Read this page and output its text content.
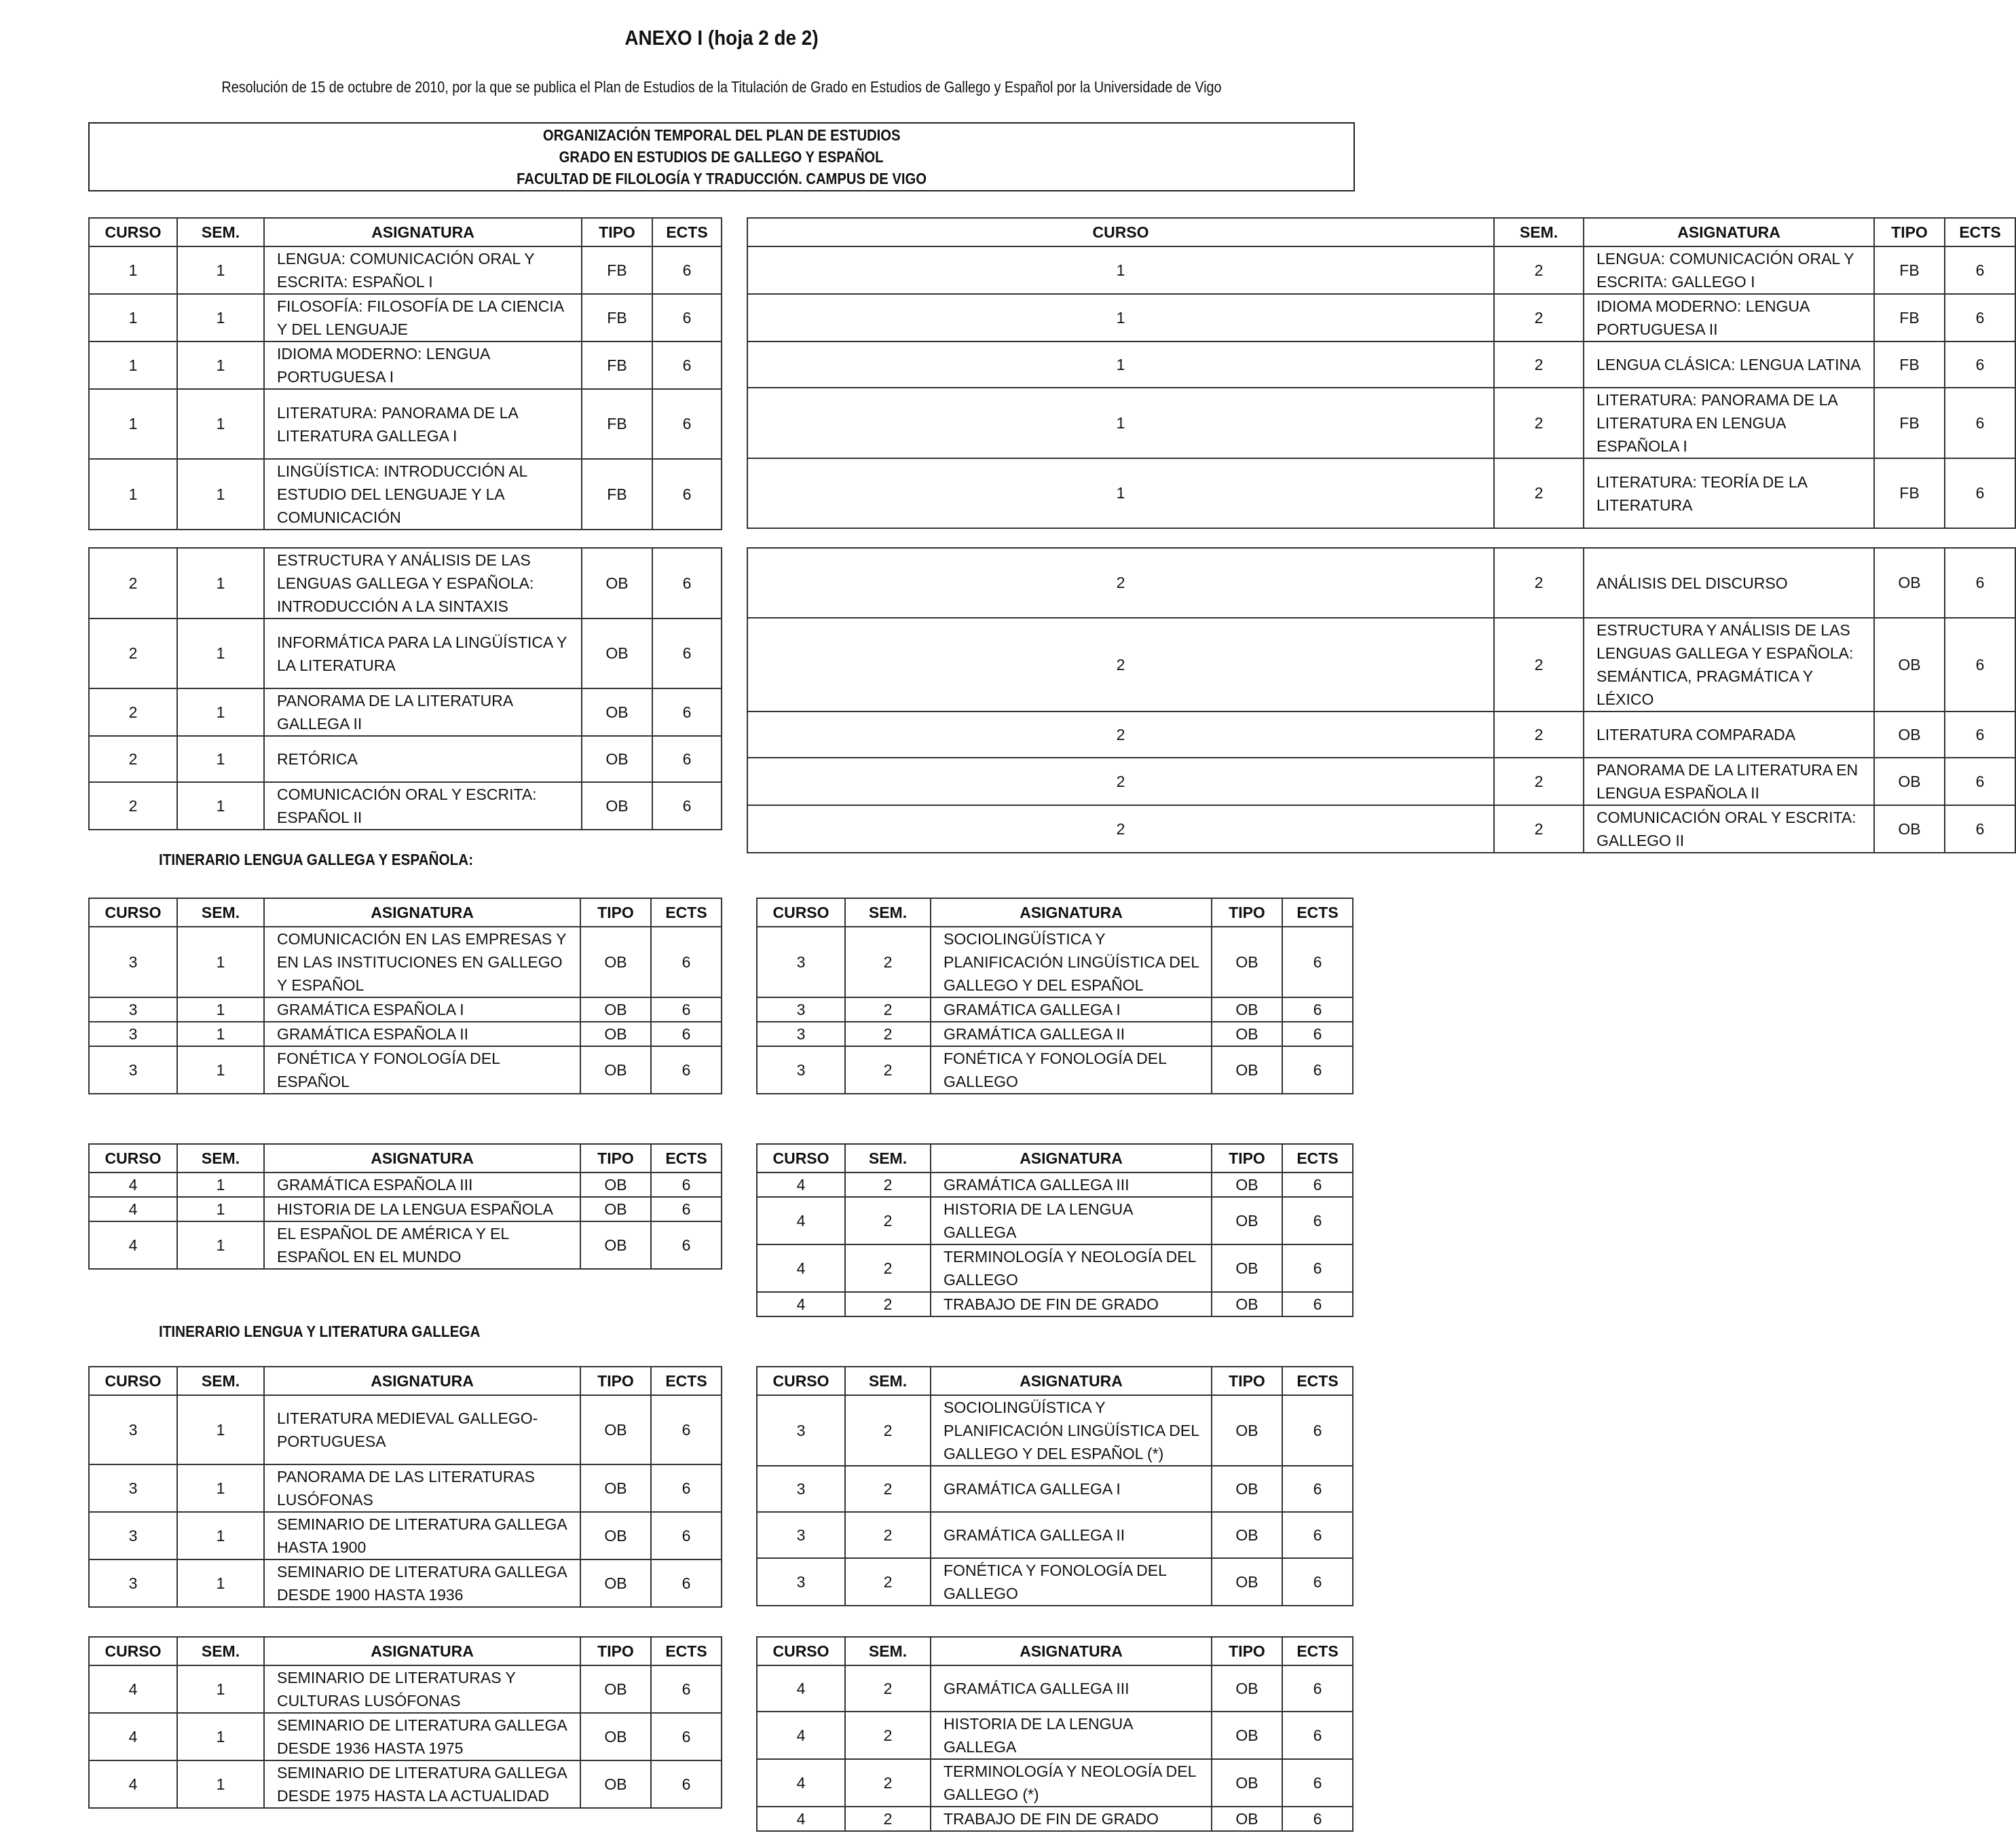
ANEXO I (hoja 2 de 2)
Resolución de 15 de octubre de 2010, por la que se publica el Plan de Estudios de la Titulación de Grado en Estudios de Gallego y Español por la Universidade de Vigo
ORGANIZACIÓN TEMPORAL DEL PLAN DE ESTUDIOS
GRADO EN ESTUDIOS DE GALLEGO Y ESPAÑOL
FACULTAD DE FILOLOGÍA Y TRADUCCIÓN. CAMPUS DE VIGO
ITINERARIO LENGUA GALLEGA Y ESPAÑOLA:
ITINERARIO LENGUA Y LITERATURA GALLEGA
CURSO	SEM.	ASIGNATURA	TIPO	ECTS
1	1	LENGUA: COMUNICACIÓN ORAL Y ESCRITA: ESPAÑOL I	FB	6
1	1	FILOSOFÍA: FILOSOFÍA DE LA CIENCIA Y DEL LENGUAJE	FB	6
1	1	IDIOMA MODERNO: LENGUA PORTUGUESA I	FB	6
1	1	LITERATURA: PANORAMA DE LA LITERATURA GALLEGA I	FB	6
1	1	LINGÜÍSTICA: INTRODUCCIÓN AL ESTUDIO DEL LENGUAJE Y LA COMUNICACIÓN	FB	6
CURSO	SEM.	ASIGNATURA	TIPO	ECTS
1	2	LENGUA: COMUNICACIÓN ORAL Y ESCRITA: GALLEGO I	FB	6
1	2	IDIOMA MODERNO: LENGUA PORTUGUESA II	FB	6
1	2	LENGUA CLÁSICA: LENGUA LATINA	FB	6
1	2	LITERATURA: PANORAMA DE LA LITERATURA EN LENGUA ESPAÑOLA I	FB	6
1	2	LITERATURA: TEORÍA DE LA LITERATURA	FB	6
2	1	ESTRUCTURA Y ANÁLISIS DE LAS LENGUAS GALLEGA Y ESPAÑOLA: INTRODUCCIÓN A LA SINTAXIS	OB	6
2	1	INFORMÁTICA PARA LA LINGÜÍSTICA Y LA LITERATURA	OB	6
2	1	PANORAMA DE LA LITERATURA GALLEGA II	OB	6
2	1	RETÓRICA	OB	6
2	1	COMUNICACIÓN ORAL Y ESCRITA: ESPAÑOL II	OB	6
2	2	ANÁLISIS DEL DISCURSO	OB	6
2	2	ESTRUCTURA Y ANÁLISIS DE LAS LENGUAS GALLEGA Y ESPAÑOLA: SEMÁNTICA, PRAGMÁTICA Y LÉXICO	OB	6
2	2	LITERATURA COMPARADA	OB	6
2	2	PANORAMA DE LA LITERATURA EN LENGUA ESPAÑOLA II	OB	6
2	2	COMUNICACIÓN ORAL Y ESCRITA: GALLEGO II	OB	6
CURSO	SEM.	ASIGNATURA	TIPO	ECTS
3	1	COMUNICACIÓN EN LAS EMPRESAS Y EN LAS INSTITUCIONES EN GALLEGO Y ESPAÑOL	OB	6
3	1	GRAMÁTICA ESPAÑOLA I	OB	6
3	1	GRAMÁTICA ESPAÑOLA II	OB	6
3	1	FONÉTICA Y FONOLOGÍA DEL ESPAÑOL	OB	6
CURSO	SEM.	ASIGNATURA	TIPO	ECTS
3	2	SOCIOLINGÜÍSTICA Y PLANIFICACIÓN LINGÜÍSTICA DEL GALLEGO Y DEL ESPAÑOL	OB	6
3	2	GRAMÁTICA GALLEGA I	OB	6
3	2	GRAMÁTICA GALLEGA II	OB	6
3	2	FONÉTICA Y FONOLOGÍA DEL GALLEGO	OB	6
CURSO	SEM.	ASIGNATURA	TIPO	ECTS
4	1	GRAMÁTICA ESPAÑOLA III	OB	6
4	1	HISTORIA DE LA LENGUA ESPAÑOLA	OB	6
4	1	EL ESPAÑOL DE AMÉRICA Y EL ESPAÑOL EN EL MUNDO	OB	6
CURSO	SEM.	ASIGNATURA	TIPO	ECTS
4	2	GRAMÁTICA GALLEGA III	OB	6
4	2	HISTORIA DE LA LENGUA GALLEGA	OB	6
4	2	TERMINOLOGÍA Y NEOLOGÍA DEL GALLEGO	OB	6
4	2	TRABAJO DE FIN DE GRADO	OB	6
CURSO	SEM.	ASIGNATURA	TIPO	ECTS
3	1	LITERATURA MEDIEVAL GALLEGO-PORTUGUESA	OB	6
3	1	PANORAMA DE LAS LITERATURAS LUSÓFONAS	OB	6
3	1	SEMINARIO DE LITERATURA GALLEGA HASTA 1900	OB	6
3	1	SEMINARIO DE LITERATURA GALLEGA DESDE 1900 HASTA 1936	OB	6
CURSO	SEM.	ASIGNATURA	TIPO	ECTS
3	2	SOCIOLINGÜÍSTICA Y PLANIFICACIÓN LINGÜÍSTICA DEL GALLEGO Y DEL ESPAÑOL (*)	OB	6
3	2	GRAMÁTICA GALLEGA I	OB	6
3	2	GRAMÁTICA GALLEGA II	OB	6
3	2	FONÉTICA Y FONOLOGÍA DEL GALLEGO	OB	6
CURSO	SEM.	ASIGNATURA	TIPO	ECTS
4	1	SEMINARIO DE LITERATURAS Y CULTURAS LUSÓFONAS	OB	6
4	1	SEMINARIO DE LITERATURA GALLEGA DESDE 1936 HASTA 1975	OB	6
4	1	SEMINARIO DE LITERATURA GALLEGA DESDE 1975 HASTA LA ACTUALIDAD	OB	6
CURSO	SEM.	ASIGNATURA	TIPO	ECTS
4	2	GRAMÁTICA GALLEGA III	OB	6
4	2	HISTORIA DE LA LENGUA GALLEGA	OB	6
4	2	TERMINOLOGÍA Y NEOLOGÍA DEL GALLEGO (*)	OB	6
4	2	TRABAJO DE FIN DE GRADO	OB	6
